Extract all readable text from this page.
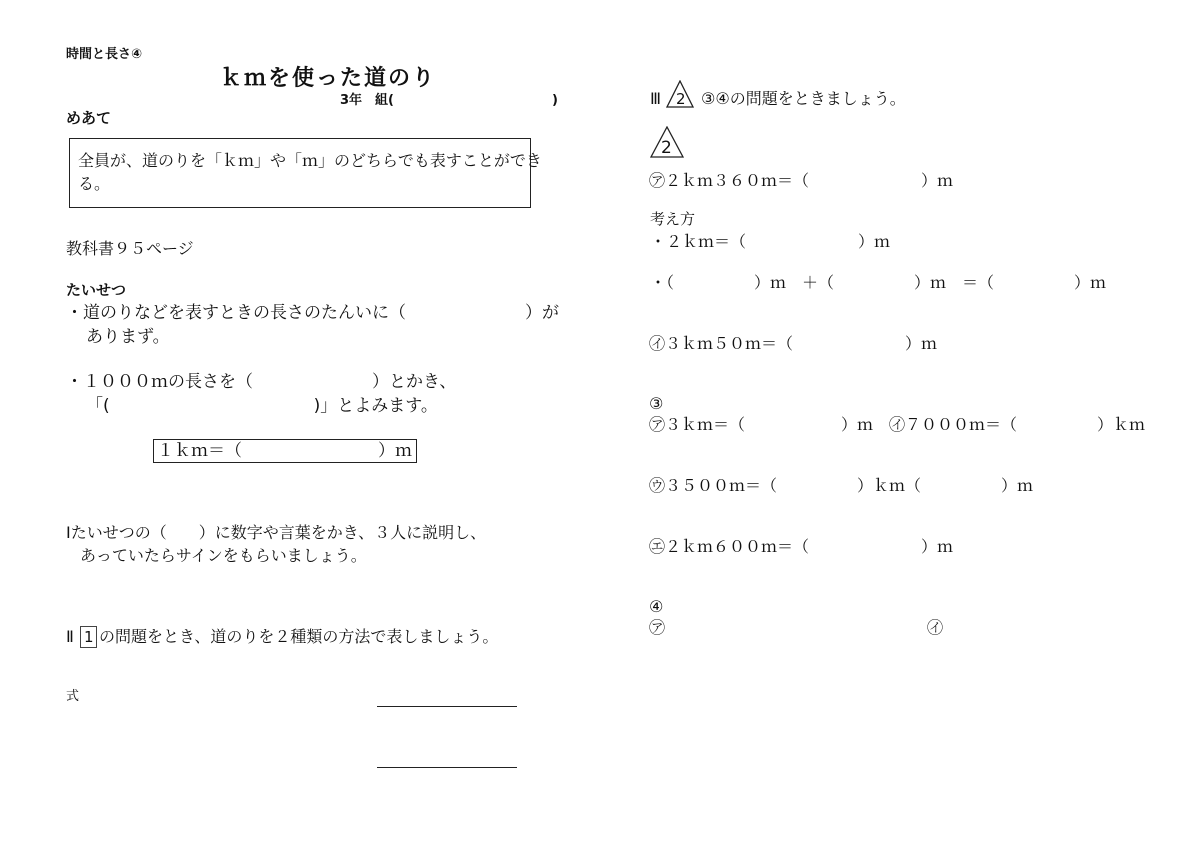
時間と長さ④
ｋｍを使った道のり
3年　組(	)
めあて
全員が、道のりを「ｋｍ」や「ｍ」のどちらでも表すことができ
る。
教科書９５ページ
たいせつ
・道のりなどを表すときの長さのたんいに（　　　　　　　）が
ありまず。
・１０００ｍの長さを（　　　　　　　）とかき、
「(　　　　　　　　　　　　)」とよみます。
１ｋｍ＝（　　　　　　　　）ｍ
Ⅰたいせつの（　　）に数字や言葉をかき、３人に説明し、
あっていたらサインをもらいましょう。
Ⅱ 1 の問題をとき、道のりを２種類の方法で表しましょう。
式
Ⅲ 2 ③④の問題をときましょう。
2
㋐２ｋｍ３６０ｍ＝（　　　　　　　）ｍ
考え方
・２ｋｍ＝（　　　　　　　）ｍ
・（　　　　　）ｍ　＋（　　　　　）ｍ　＝（　　　　　）ｍ
㋑３ｋｍ５０ｍ＝（　　　　　　　）ｍ
③
㋐３ｋｍ＝（　　　　　　）ｍ　㋑７０００ｍ＝（　　　　　）ｋｍ
㋒３５００ｍ＝（　　　　　）ｋｍ（　　　　　）ｍ
㋓２ｋｍ６００ｍ＝（　　　　　　　）ｍ
④
㋐	㋑
